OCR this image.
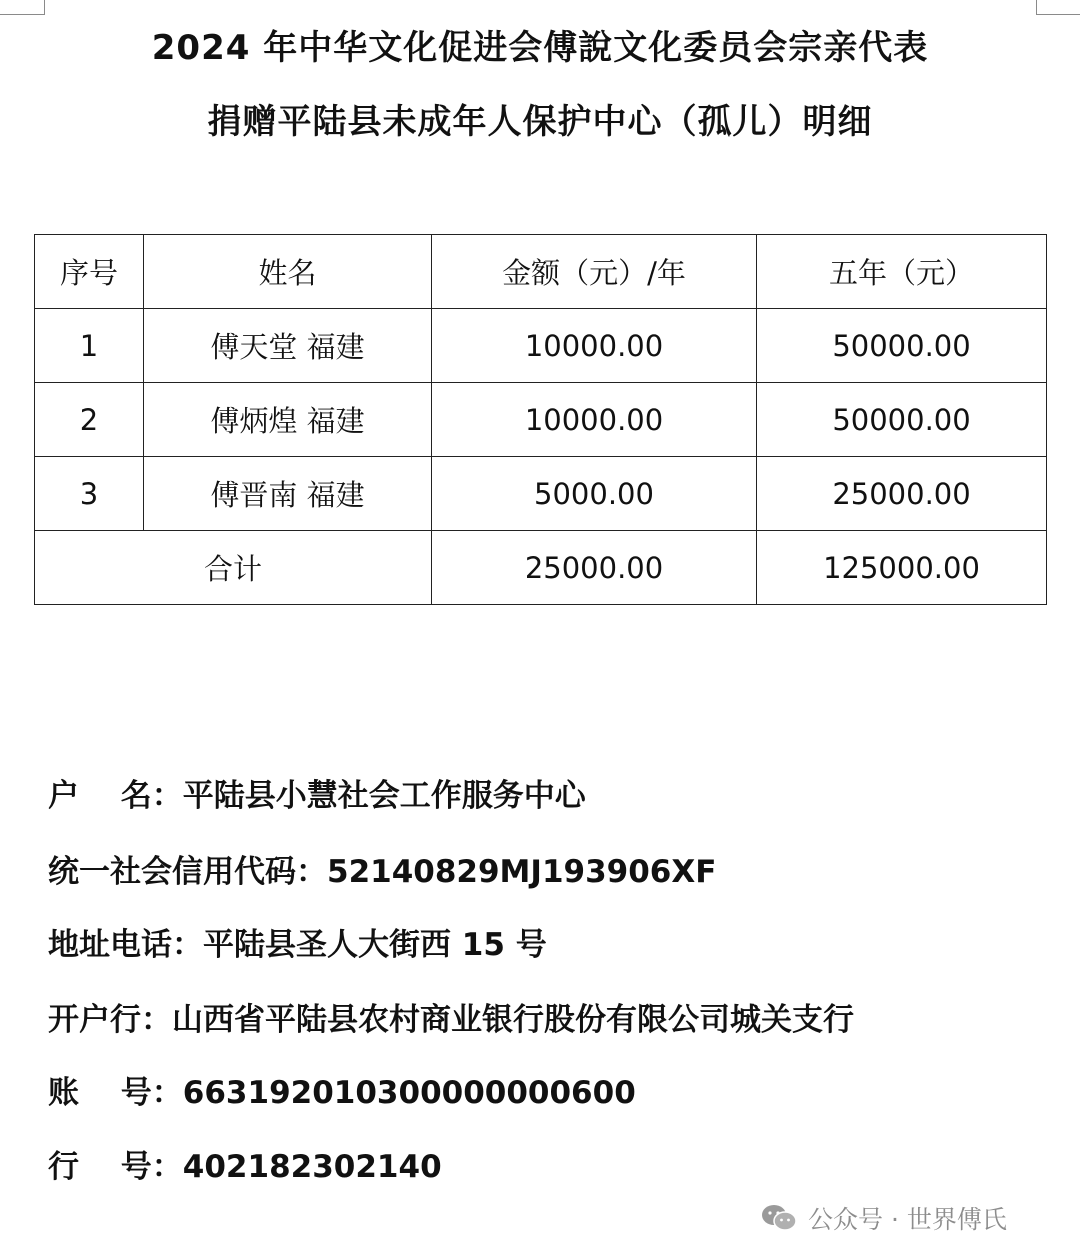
2024 年中华文化促进会傅說文化委员会宗亲代表
捐赠平陆县未成年人保护中心（孤儿）明细
序号	姓名	金额（元）/年	五年（元）
1	傅天堂 福建	10000.00	50000.00
2	傅炳煌 福建	10000.00	50000.00
3	傅晋南 福建	5000.00	25000.00
合计		25000.00	125000.00
户　 名：平陆县小慧社会工作服务中心
统一社会信用代码：52140829MJ193906XF
地址电话：平陆县圣人大街西 15 号
开户行：山西省平陆县农村商业银行股份有限公司城关支行
账　 号：6631920103000000006​00
行　 号：402182302140
公众号 · 世界傅氏
